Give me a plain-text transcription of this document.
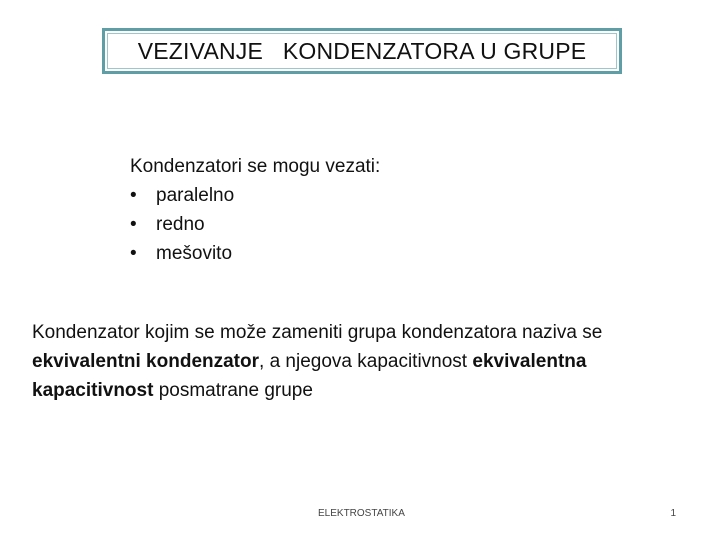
VEZIVANJE   KONDENZATORA U GRUPE
Kondenzatori se mogu vezati:
•	paralelno
•	redno
•	mešovito
Kondenzator kojim se može zameniti grupa kondenzatora naziva se ekvivalentni kondenzator, a njegova kapacitivnost ekvivalentna kapacitivnost posmatrane grupe
ELEKTROSTATIKA	1
